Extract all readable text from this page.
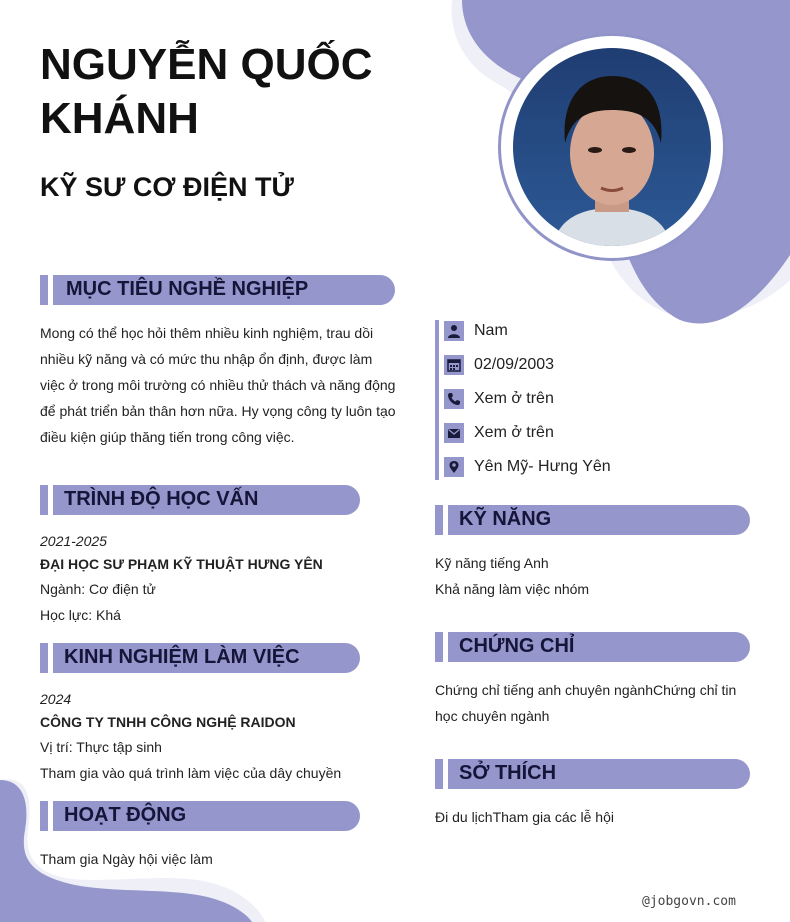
NGUYỄN QUỐC KHÁNH
KỸ SƯ CƠ ĐIỆN TỬ
MỤC TIÊU NGHỀ NGHIỆP

Mong có thể học hỏi thêm nhiều kinh nghiệm, trau dồi nhiều kỹ năng và có mức thu nhập ổn định, được làm việc ở trong môi trường có nhiều thử thách và năng động để phát triển bản thân hơn nữa. Hy vọng công ty luôn tạo điều kiện giúp thăng tiến trong công việc.

TRÌNH ĐỘ HỌC VẤN

2021-2025

ĐẠI HỌC SƯ PHẠM KỸ THUẬT HƯNG YÊN

Ngành: Cơ điện tử

Học lực: Khá

KINH NGHIỆM LÀM VIỆC

2024

CÔNG TY TNHH CÔNG NGHỆ RAIDON

Vị trí: Thực tập sinh

Tham gia vào quá trình làm việc của dây chuyền

HOẠT ĐỘNG

Tham gia Ngày hội việc làm

Nam
02/09/2003
Xem ở trên
Xem ở trên
Yên Mỹ- Hưng Yên
KỸ NĂNG

Kỹ năng tiếng Anh

Khả năng làm việc nhóm

CHỨNG CHỈ

Chứng chỉ tiếng anh chuyên ngànhChứng chỉ tin học chuyên ngành

SỞ THÍCH

Đi du lịchTham gia các lễ hội

@jobgovn.com
